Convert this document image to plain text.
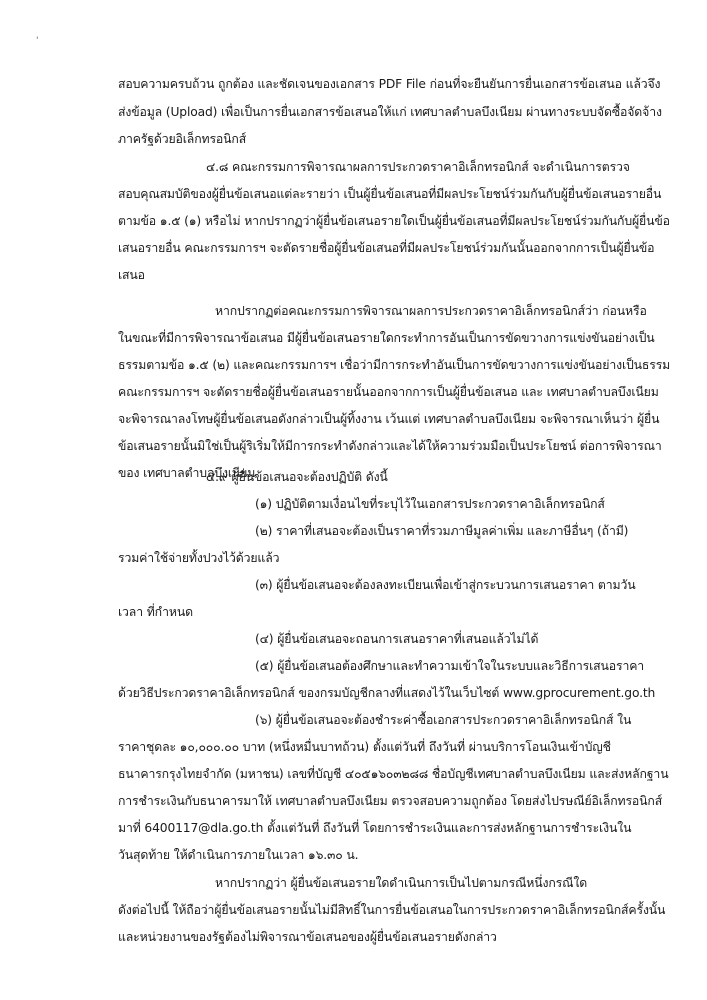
'
สอบความครบถ้วน ถูกต้อง และชัดเจนของเอกสาร PDF File ก่อนที่จะยืนยันการยื่นเอกสารข้อเสนอ แล้วจึง
ส่งข้อมูล (Upload) เพื่อเป็นการยื่นเอกสารข้อเสนอให้แก่ เทศบาลตำบลบึงเนียม ผ่านทางระบบจัดซื้อจัดจ้าง
ภาครัฐด้วยอิเล็กทรอนิกส์
๔.๘ คณะกรรมการพิจารณาผลการประกวดราคาอิเล็กทรอนิกส์ จะดำเนินการตรวจ
สอบคุณสมบัติของผู้ยื่นข้อเสนอแต่ละรายว่า เป็นผู้ยื่นข้อเสนอที่มีผลประโยชน์ร่วมกันกับผู้ยื่นข้อเสนอรายอื่น
ตามข้อ ๑.๕ (๑) หรือไม่ หากปรากฏว่าผู้ยื่นข้อเสนอรายใดเป็นผู้ยื่นข้อเสนอที่มีผลประโยชน์ร่วมกันกับผู้ยื่นข้อ
เสนอรายอื่น คณะกรรมการฯ จะตัดรายชื่อผู้ยื่นข้อเสนอที่มีผลประโยชน์ร่วมกันนั้นออกจากการเป็นผู้ยื่นข้อ
เสนอ
หากปรากฏต่อคณะกรรมการพิจารณาผลการประกวดราคาอิเล็กทรอนิกส์ว่า ก่อนหรือ
ในขณะที่มีการพิจารณาข้อเสนอ มีผู้ยื่นข้อเสนอรายใดกระทำการอันเป็นการขัดขวางการแข่งขันอย่างเป็น
ธรรมตามข้อ ๑.๕ (๒) และคณะกรรมการฯ เชื่อว่ามีการกระทำอันเป็นการขัดขวางการแข่งขันอย่างเป็นธรรม
คณะกรรมการฯ จะตัดรายชื่อผู้ยื่นข้อเสนอรายนั้นออกจากการเป็นผู้ยื่นข้อเสนอ และ เทศบาลตำบลบึงเนียม
จะพิจารณาลงโทษผู้ยื่นข้อเสนอดังกล่าวเป็นผู้ทิ้งงาน เว้นแต่ เทศบาลตำบลบึงเนียม จะพิจารณาเห็นว่า ผู้ยื่น
ข้อเสนอรายนั้นมิใช่เป็นผู้ริเริ่มให้มีการกระทำดังกล่าวและได้ให้ความร่วมมือเป็นประโยชน์ ต่อการพิจารณา
ของ เทศบาลตำบลบึงเนียม
๔.๙ ผู้ยื่นข้อเสนอจะต้องปฏิบัติ ดังนี้
(๑) ปฏิบัติตามเงื่อนไขที่ระบุไว้ในเอกสารประกวดราคาอิเล็กทรอนิกส์
(๒) ราคาที่เสนอจะต้องเป็นราคาที่รวมภาษีมูลค่าเพิ่ม และภาษีอื่นๆ (ถ้ามี)
รวมค่าใช้จ่ายทั้งปวงไว้ด้วยแล้ว
(๓) ผู้ยื่นข้อเสนอจะต้องลงทะเบียนเพื่อเข้าสู่กระบวนการเสนอราคา ตามวัน
เวลา ที่กำหนด
(๔) ผู้ยื่นข้อเสนอจะถอนการเสนอราคาที่เสนอแล้วไม่ได้
(๕) ผู้ยื่นข้อเสนอต้องศึกษาและทำความเข้าใจในระบบและวิธีการเสนอราคา
ด้วยวิธีประกวดราคาอิเล็กทรอนิกส์ ของกรมบัญชีกลางที่แสดงไว้ในเว็บไซต์ www.gprocurement.go.th
(๖) ผู้ยื่นข้อเสนอจะต้องชำระค่าซื้อเอกสารประกวดราคาอิเล็กทรอนิกส์ ใน
ราคาชุดละ ๑๐,๐๐๐.๐๐ บาท (หนึ่งหมื่นบาทถ้วน) ตั้งแต่วันที่ ถึงวันที่ ผ่านบริการโอนเงินเข้าบัญชี
ธนาคารกรุงไทยจำกัด (มหาชน) เลขที่บัญชี ๔๐๕๑๖๐๓๒๘๘ ชื่อบัญชีเทศบาลตำบลบึงเนียม และส่งหลักฐาน
การชำระเงินกับธนาคารมาให้ เทศบาลตำบลบึงเนียม ตรวจสอบความถูกต้อง โดยส่งไปรษณีย์อิเล็กทรอนิกส์
มาที่ 6400117@dla.go.th ตั้งแต่วันที่ ถึงวันที่ โดยการชำระเงินและการส่งหลักฐานการชำระเงินใน
วันสุดท้าย ให้ดำเนินการภายในเวลา ๑๖.๓๐ น.
หากปรากฏว่า ผู้ยื่นข้อเสนอรายใดดำเนินการเป็นไปตามกรณีหนึ่งกรณีใด
ดังต่อไปนี้ ให้ถือว่าผู้ยื่นข้อเสนอรายนั้นไม่มีสิทธิ์ในการยื่นข้อเสนอในการประกวดราคาอิเล็กทรอนิกส์ครั้งนั้น
และหน่วยงานของรัฐต้องไม่พิจารณาข้อเสนอของผู้ยื่นข้อเสนอรายดังกล่าว
